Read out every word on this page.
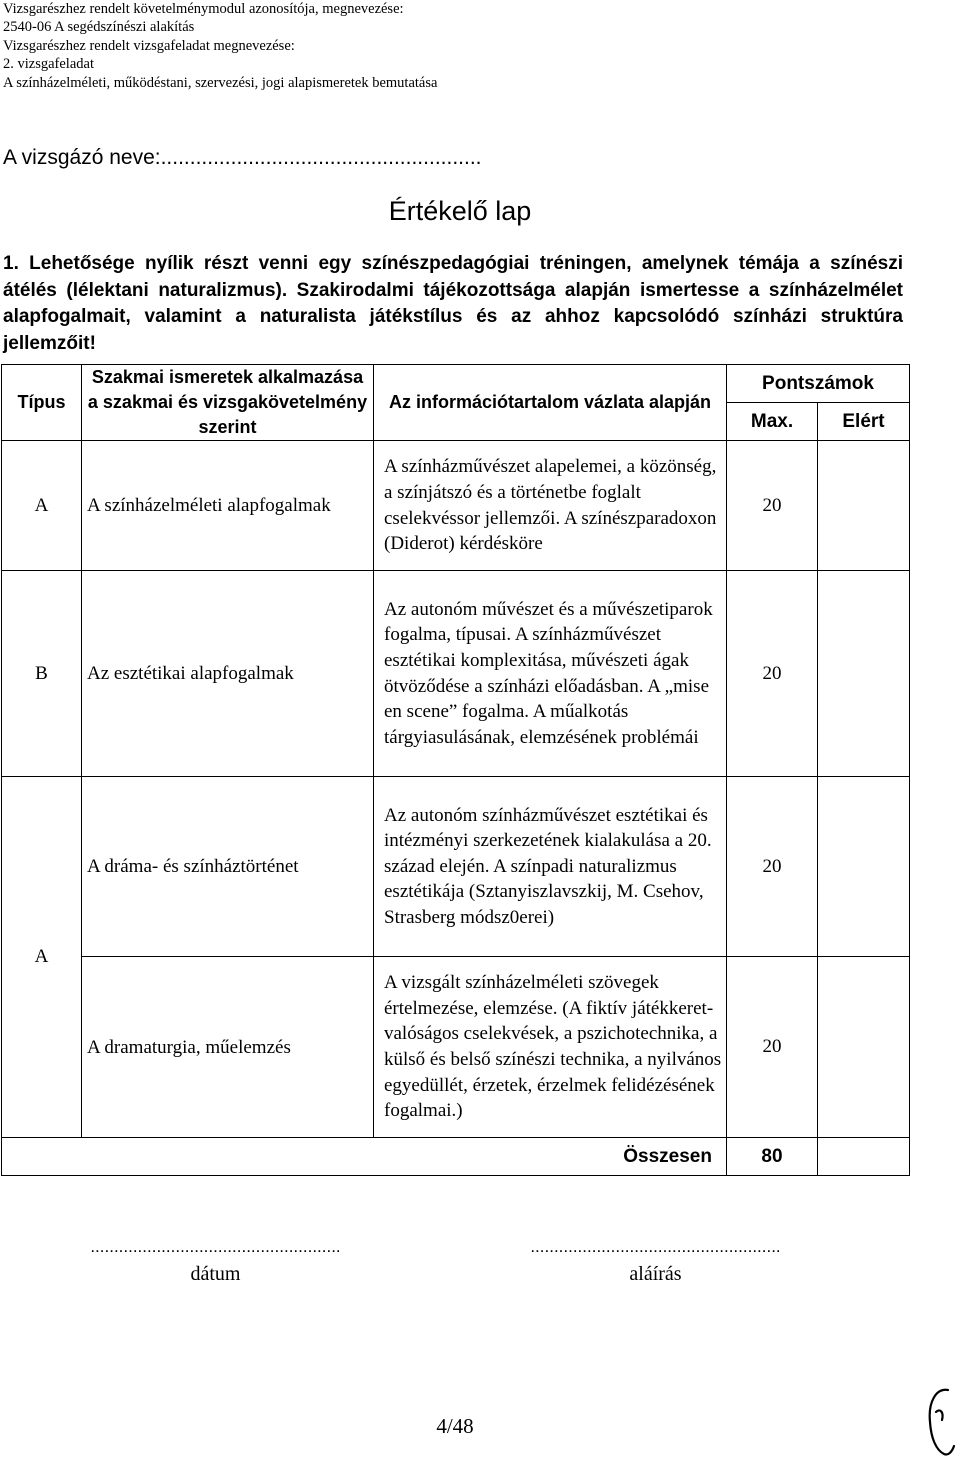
Vizsgarészhez rendelt követelménymodul azonosítója, megnevezése:
2540-06 A segédszínészi alakítás
Vizsgarészhez rendelt vizsgafeladat megnevezése:
2. vizsgafeladat
A színházelméleti, működéstani, szervezési, jogi alapismeretek bemutatása
A vizsgázó neve:.......................................................
Értékelő lap
1. Lehetősége nyílik részt venni egy színészpedagógiai tréningen, amelynek témája a színészi átélés (lélektani naturalizmus). Szakirodalmi tájékozottsága alapján ismertesse a színházelmélet alapfogalmait, valamint a naturalista játékstílus és az ahhoz kapcsolódó színházi struktúra jellemzőit!
Típus	Szakmai ismeretek alkalmazása a szakmai és vizsgakövetelmény szerint	Az információtartalom vázlata alapján	Pontszámok	
			Max.	Elért
A	A színházelméleti alapfogalmak	A színházművészet alapelemei, a közönség, a színjátszó és a történetbe foglalt cselekvéssor jellemzői. A színészparadoxon (Diderot) kérdésköre	20	
B	Az esztétikai alapfogalmak	Az autonóm művészet és a művészetiparok fogalma, típusai. A színházművészet esztétikai komplexitása, művészeti ágak ötvöződése a színházi előadásban. A „mise en scene” fogalma. A műalkotás tárgyiasulásának, elemzésének problémái	20	
A	A dráma- és színháztörténet	Az autonóm színházművészet esztétikai és intézményi szerkezetének kialakulása a 20. század elején. A színpadi naturalizmus esztétikája (Sztanyiszlavszkij, M. Csehov, Strasberg módsz0erei)	20	
	A dramaturgia, műelemzés	A vizsgált színházelméleti szövegek értelmezése, elemzése. (A fiktív játékkeret-valóságos cselekvések, a pszichotechnika, a külső és belső színészi technika, a nyilvános egyedüllét, érzetek, érzelmek felidézésének fogalmai.)	20	
Összesen			80	
.....................................................
dátum
.....................................................
aláírás
4/48
